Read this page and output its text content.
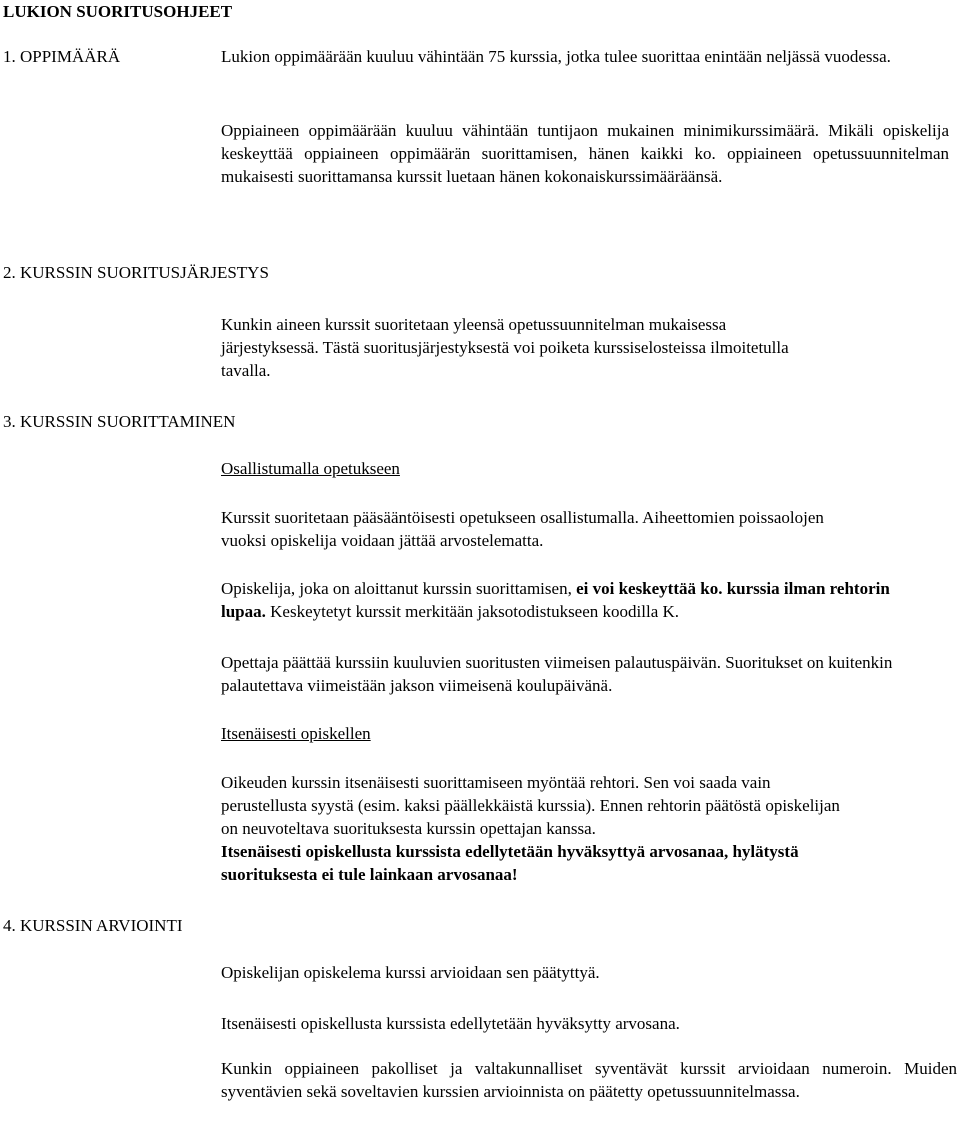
LUKION SUORITUSOHJEET
1. OPPIMÄÄRÄ	Lukion oppimäärään kuuluu vähintään 75 kurssia, jotka tulee suorittaa enintään neljässä vuodessa.

Oppiaineen oppimäärään kuuluu vähintään tuntijaon mukainen minimikurssimäärä. Mikäli opiskelija keskeyttää oppiaineen oppimäärän suorittamisen, hänen kaikki ko. oppiaineen opetussuunnitelman mukaisesti suorittamansa kurssit luetaan hänen kokonaiskurssimääräänsä.

2. KURSSIN SUORITUSJÄRJESTYS

Kunkin aineen kurssit suoritetaan yleensä opetussuunnitelman mukaisessa järjestyksessä. Tästä suoritusjärjestyksestä voi poiketa kurssiselosteissa ilmoitetulla tavalla.

3. KURSSIN SUORITTAMINEN

Osallistumalla opetukseen

Kurssit suoritetaan pääsääntöisesti opetukseen osallistumalla. Aiheettomien poissaolojen vuoksi opiskelija voidaan jättää arvostelematta.

Opiskelija, joka on aloittanut kurssin suorittamisen, ei voi keskeyttää ko. kurssia ilman rehtorin lupaa. Keskeytetyt kurssit merkitään jaksotodistukseen koodilla K.

Opettaja päättää kurssiin kuuluvien suoritusten viimeisen palautuspäivän. Suoritukset on kuitenkin palautettava viimeistään jakson viimeisenä koulupäivänä.

Itsenäisesti opiskellen

Oikeuden kurssin itsenäisesti suorittamiseen myöntää rehtori. Sen voi saada vain perustellusta syystä (esim. kaksi päällekkäistä kurssia). Ennen rehtorin päätöstä opiskelijan on neuvoteltava suorituksesta kurssin opettajan kanssa.

Itsenäisesti opiskellusta kurssista edellytetään hyväksyttyä arvosanaa, hylätystä suorituksesta ei tule lainkaan arvosanaa!

4. KURSSIN ARVIOINTI

Opiskelijan opiskelema kurssi arvioidaan sen päätyttyä.

Itsenäisesti opiskellusta kurssista edellytetään hyväksytty arvosana.

Kunkin oppiaineen pakolliset ja valtakunnalliset syventävät kurssit arvioidaan numeroin. Muiden syventävien sekä soveltavien kurssien arvioinnista on päätetty opetussuunnitelmassa.
